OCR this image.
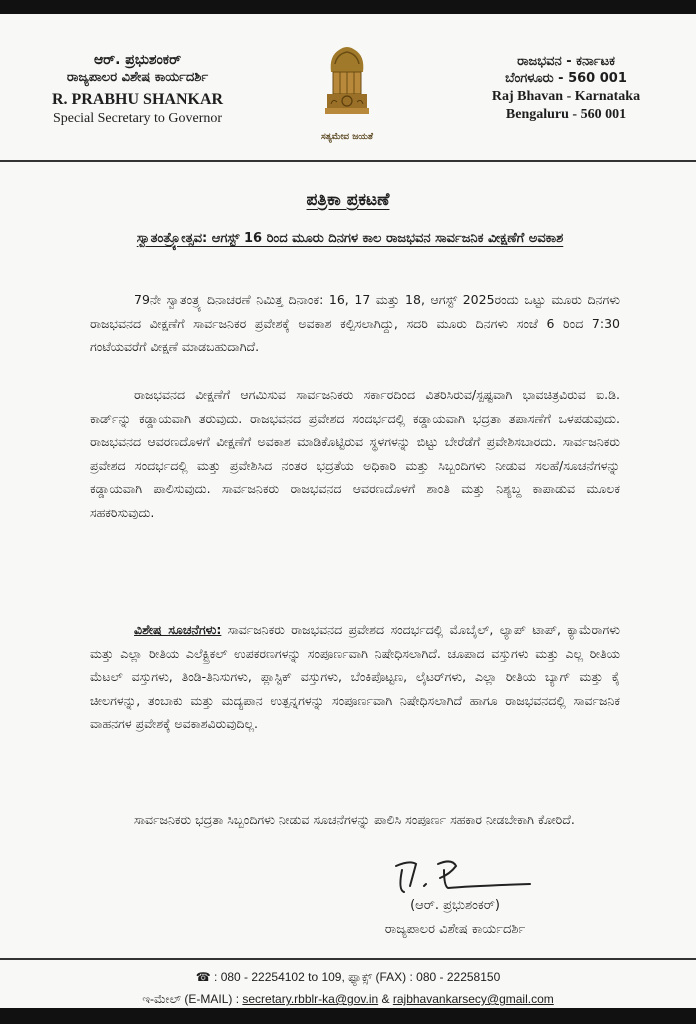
ಆರ್. ಪ್ರಭುಶಂಕರ್
ರಾಜ್ಯಪಾಲರ ವಿಶೇಷ ಕಾರ್ಯದರ್ಶಿ
R. PRABHU SHANKAR
Special Secretary to Governor
ಸತ್ಯಮೇವ ಜಯತೆ
ರಾಜಭವನ - ಕರ್ನಾಟಕ
ಬೆಂಗಳೂರು - 560 001
Raj Bhavan - Karnataka
Bengaluru - 560 001
ಪತ್ರಿಕಾ ಪ್ರಕಟಣೆ
ಸ್ವಾತಂತ್ರ್ಯೋತ್ಸವ: ಆಗಸ್ಟ್ 16 ರಿಂದ ಮೂರು ದಿನಗಳ ಕಾಲ ರಾಜಭವನ ಸಾರ್ವಜನಿಕ ವೀಕ್ಷಣೆಗೆ ಅವಕಾಶ

79ನೇ ಸ್ವಾತಂತ್ರ್ಯ ದಿನಾಚರಣೆ ನಿಮಿತ್ತ ದಿನಾಂಕ: 16, 17 ಮತ್ತು 18, ಆಗಸ್ಟ್ 2025ರಂದು ಒಟ್ಟು ಮೂರು ದಿನಗಳು ರಾಜಭವನದ ವೀಕ್ಷಣೆಗೆ ಸಾರ್ವಜನಿಕರ ಪ್ರವೇಶಕ್ಕೆ ಅವಕಾಶ ಕಲ್ಪಿಸಲಾಗಿದ್ದು, ಸದರಿ ಮೂರು ದಿನಗಳು ಸಂಜೆ 6 ರಿಂದ 7:30 ಗಂಟೆಯವರೆಗೆ ವೀಕ್ಷಣೆ ಮಾಡಬಹುದಾಗಿದೆ.

ರಾಜಭವನದ ವೀಕ್ಷಣೆಗೆ ಆಗಮಿಸುವ ಸಾರ್ವಜನಿಕರು ಸರ್ಕಾರದಿಂದ ವಿತರಿಸಿರುವ/ಸ್ಪಷ್ಟವಾಗಿ ಭಾವಚಿತ್ರವಿರುವ ಐ.ಡಿ. ಕಾರ್ಡ್‌ನ್ನು ಕಡ್ಡಾಯವಾಗಿ ತರುವುದು. ರಾಜಭವನದ ಪ್ರವೇಶದ ಸಂದರ್ಭದಲ್ಲಿ ಕಡ್ಡಾಯವಾಗಿ ಭದ್ರತಾ ತಪಾಸಣೆಗೆ ಒಳಪಡುವುದು. ರಾಜಭವನದ ಆವರಣದೊಳಗೆ ವೀಕ್ಷಣೆಗೆ ಅವಕಾಶ ಮಾಡಿಕೊಟ್ಟಿರುವ ಸ್ಥಳಗಳನ್ನು ಬಿಟ್ಟು ಬೇರೆಡೆಗೆ ಪ್ರವೇಶಿಸಬಾರದು. ಸಾರ್ವಜನಿಕರು ಪ್ರವೇಶದ ಸಂದರ್ಭದಲ್ಲಿ ಮತ್ತು ಪ್ರವೇಶಿಸಿದ ನಂತರ ಭದ್ರತೆಯ ಅಧಿಕಾರಿ ಮತ್ತು ಸಿಬ್ಬಂದಿಗಳು ನೀಡುವ ಸಲಹೆ/ಸೂಚನೆಗಳನ್ನು ಕಡ್ಡಾಯವಾಗಿ ಪಾಲಿಸುವುದು. ಸಾರ್ವಜನಿಕರು ರಾಜಭವನದ ಆವರಣದೊಳಗೆ ಶಾಂತಿ ಮತ್ತು ನಿಶ್ಯಬ್ದ ಕಾಪಾಡುವ ಮೂಲಕ ಸಹಕರಿಸುವುದು.

ವಿಶೇಷ ಸೂಚನೆಗಳು: ಸಾರ್ವಜನಿಕರು ರಾಜಭವನದ ಪ್ರವೇಶದ ಸಂದರ್ಭದಲ್ಲಿ ಮೊಬೈಲ್, ಲ್ಯಾಪ್ ಟಾಪ್, ಕ್ಯಾಮೆರಾಗಳು ಮತ್ತು ಎಲ್ಲಾ ರೀತಿಯ ಎಲೆಕ್ಟ್ರಿಕಲ್ ಉಪಕರಣಗಳನ್ನು ಸಂಪೂರ್ಣವಾಗಿ ನಿಷೇಧಿಸಲಾಗಿದೆ. ಚೂಪಾದ ವಸ್ತುಗಳು ಮತ್ತು ಎಲ್ಲ ರೀತಿಯ ಮೆಟಲ್ ವಸ್ತುಗಳು, ತಿಂಡಿ-ತಿನಿಸುಗಳು, ಪ್ಲಾಸ್ಟಿಕ್ ವಸ್ತುಗಳು, ಬೆಂಕಿಪೊಟ್ಟಣ, ಲೈಟರ್‌ಗಳು, ಎಲ್ಲಾ ರೀತಿಯ ಬ್ಯಾಗ್ ಮತ್ತು ಕೈ ಚೀಲಗಳನ್ನು, ತಂಬಾಕು ಮತ್ತು ಮದ್ಯಪಾನ ಉತ್ಪನ್ನಗಳನ್ನು ಸಂಪೂರ್ಣವಾಗಿ ನಿಷೇಧಿಸಲಾಗಿದೆ ಹಾಗೂ ರಾಜಭವನದಲ್ಲಿ ಸಾರ್ವಜನಿಕ ವಾಹನಗಳ ಪ್ರವೇಶಕ್ಕೆ ಅವಕಾಶವಿರುವುದಿಲ್ಲ.

ಸಾರ್ವಜನಿಕರು ಭದ್ರತಾ ಸಿಬ್ಬಂದಿಗಳು ನೀಡುವ ಸೂಚನೆಗಳನ್ನು ಪಾಲಿಸಿ ಸಂಪೂರ್ಣ ಸಹಕಾರ ನೀಡಬೇಕಾಗಿ ಕೋರಿದೆ.

(ಆರ್. ಪ್ರಭುಶಂಕರ್)
ರಾಜ್ಯಪಾಲರ ವಿಶೇಷ ಕಾರ್ಯದರ್ಶಿ
☎ : 080 - 22254102 to 109, ಫ್ಯಾಕ್ಸ್ (FAX) : 080 - 22258150
ಇ-ಮೇಲ್ (E-MAIL) : secretary.rbblr-ka@gov.in & rajbhavankarsecy@gmail.com
